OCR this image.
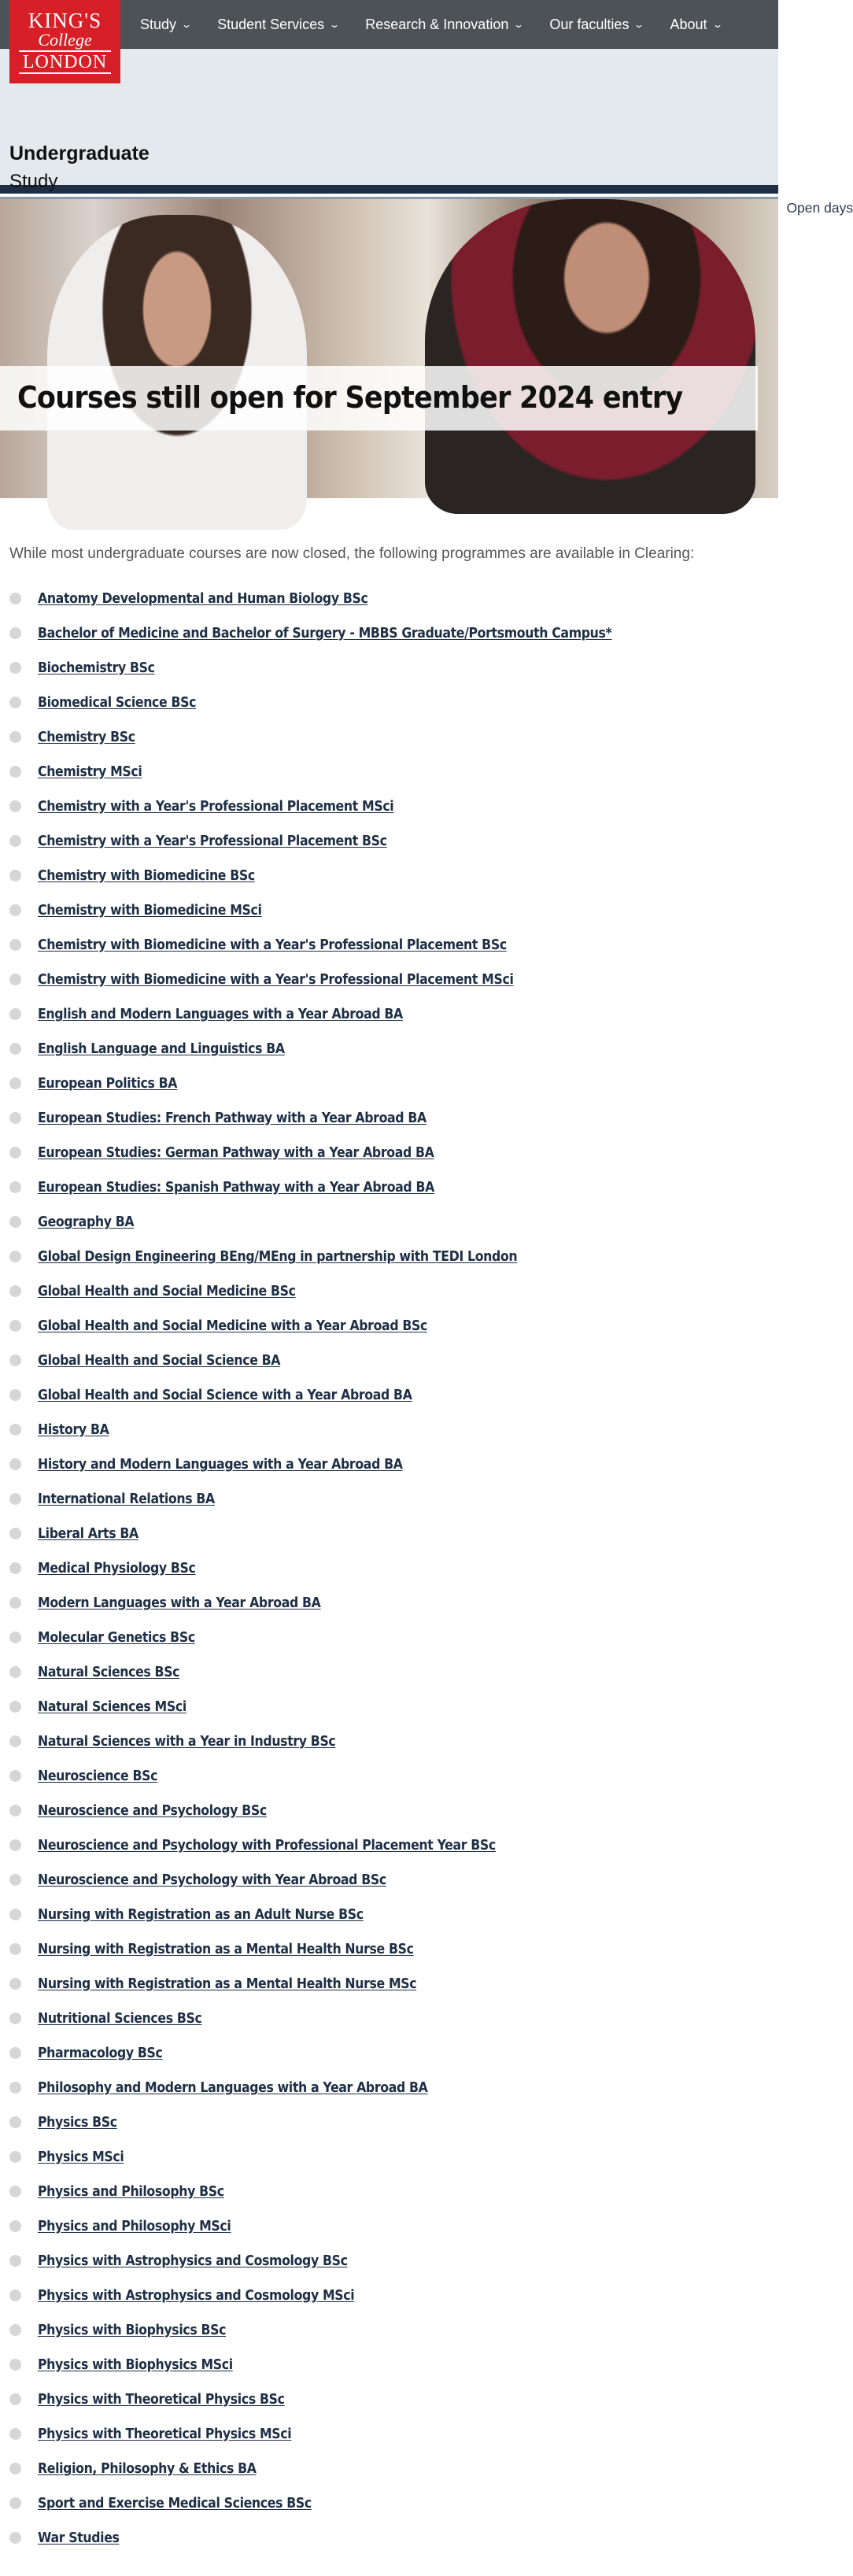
KING'S
College
LONDON
Study ⌄ Student Services ⌄ Research & Innovation ⌄ Our faculties ⌄ About ⌄
Undergraduate
Study
Open days
Courses still open for September 2024 entry

While most undergraduate courses are now closed, the following programmes are available in Clearing:

Anatomy Developmental and Human Biology BSc
Bachelor of Medicine and Bachelor of Surgery - MBBS Graduate/Portsmouth Campus*
Biochemistry BSc
Biomedical Science BSc
Chemistry BSc
Chemistry MSci
Chemistry with a Year's Professional Placement MSci
Chemistry with a Year's Professional Placement BSc
Chemistry with Biomedicine BSc
Chemistry with Biomedicine MSci
Chemistry with Biomedicine with a Year's Professional Placement BSc
Chemistry with Biomedicine with a Year's Professional Placement MSci
English and Modern Languages with a Year Abroad BA
English Language and Linguistics BA
European Politics BA
European Studies: French Pathway with a Year Abroad BA
European Studies: German Pathway with a Year Abroad BA
European Studies: Spanish Pathway with a Year Abroad BA
Geography BA
Global Design Engineering BEng/MEng in partnership with TEDI London
Global Health and Social Medicine BSc
Global Health and Social Medicine with a Year Abroad BSc
Global Health and Social Science BA
Global Health and Social Science with a Year Abroad BA
History BA
History and Modern Languages with a Year Abroad BA
International Relations BA
Liberal Arts BA
Medical Physiology BSc
Modern Languages with a Year Abroad BA
Molecular Genetics BSc
Natural Sciences BSc
Natural Sciences MSci
Natural Sciences with a Year in Industry BSc
Neuroscience BSc
Neuroscience and Psychology BSc
Neuroscience and Psychology with Professional Placement Year BSc
Neuroscience and Psychology with Year Abroad BSc
Nursing with Registration as an Adult Nurse BSc
Nursing with Registration as a Mental Health Nurse BSc
Nursing with Registration as a Mental Health Nurse MSc
Nutritional Sciences BSc
Pharmacology BSc
Philosophy and Modern Languages with a Year Abroad BA
Physics BSc
Physics MSci
Physics and Philosophy BSc
Physics and Philosophy MSci
Physics with Astrophysics and Cosmology BSc
Physics with Astrophysics and Cosmology MSci
Physics with Biophysics BSc
Physics with Biophysics MSci
Physics with Theoretical Physics BSc
Physics with Theoretical Physics MSci
Religion, Philosophy & Ethics BA
Sport and Exercise Medical Sciences BSc
War Studies
